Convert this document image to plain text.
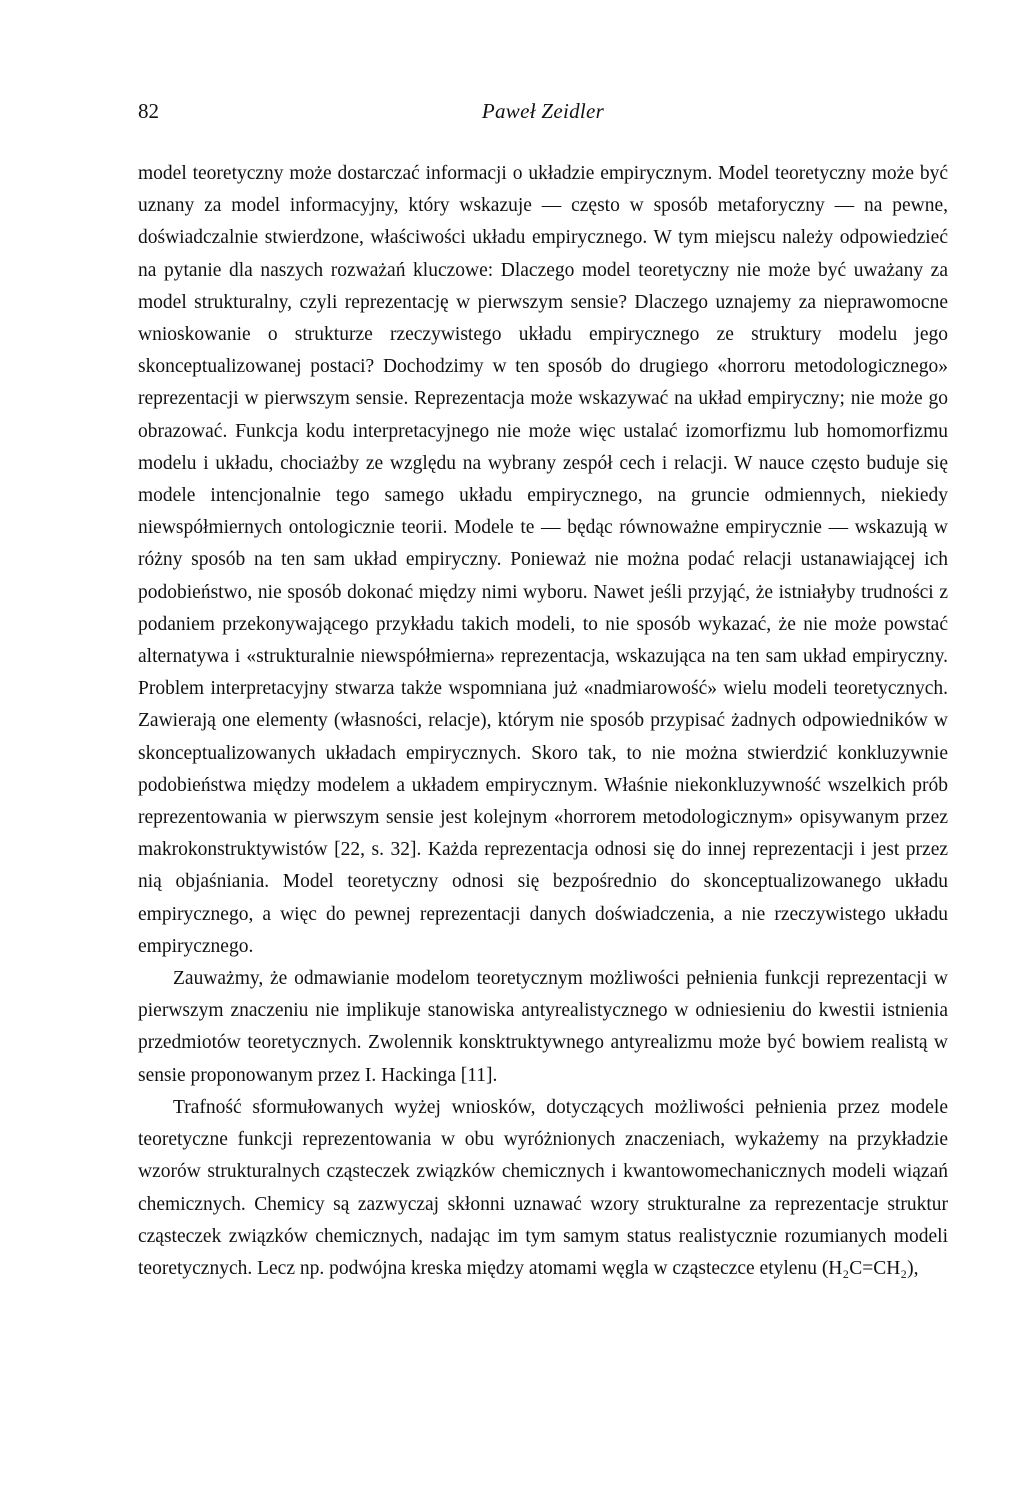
82	Paweł Zeidler

model teoretyczny może dostarczać informacji o układzie empirycznym. Model teoretyczny może być uznany za model informacyjny, który wskazuje — często w sposób metaforyczny — na pewne, doświadczalnie stwierdzone, właściwości układu empirycznego. W tym miejscu należy odpowiedzieć na pytanie dla naszych rozważań kluczowe: Dlaczego model teoretyczny nie może być uważany za model strukturalny, czyli reprezentację w pierwszym sensie? Dlaczego uznajemy za nieprawomocne wnioskowanie o strukturze rzeczywistego układu empirycznego ze struktury modelu jego skonceptualizowanej postaci? Dochodzimy w ten sposób do drugiego «horroru metodologicznego» reprezentacji w pierwszym sensie. Reprezentacja może wskazywać na układ empiryczny; nie może go obrazować. Funkcja kodu interpretacyjnego nie może więc ustalać izomorfizmu lub homomorfizmu modelu i układu, chociażby ze względu na wybrany zespół cech i relacji. W nauce często buduje się modele intencjonalnie tego samego układu empirycznego, na gruncie odmiennych, niekiedy niewspółmiernych ontologicznie teorii. Modele te — będąc równoważne empirycznie — wskazują w różny sposób na ten sam układ empiryczny. Ponieważ nie można podać relacji ustanawiającej ich podobieństwo, nie sposób dokonać między nimi wyboru. Nawet jeśli przyjąć, że istniałyby trudności z podaniem przekonywającego przykładu takich modeli, to nie sposób wykazać, że nie może powstać alternatywa i «strukturalnie niewspółmierna» reprezentacja, wskazująca na ten sam układ empiryczny. Problem interpretacyjny stwarza także wspomniana już «nadmiarowość» wielu modeli teoretycznych. Zawierają one elementy (własności, relacje), którym nie sposób przypisać żadnych odpowiedników w skonceptualizowanych układach empirycznych. Skoro tak, to nie można stwierdzić konkluzywnie podobieństwa między modelem a układem empirycznym. Właśnie niekonkluzywność wszelkich prób reprezentowania w pierwszym sensie jest kolejnym «horrorem metodologicznym» opisywanym przez makrokonstruktywistów [22, s. 32]. Każda reprezentacja odnosi się do innej reprezentacji i jest przez nią objaśniania. Model teoretyczny odnosi się bezpośrednio do skonceptualizowanego układu empirycznego, a więc do pewnej reprezentacji danych doświadczenia, a nie rzeczywistego układu empirycznego.

Zauważmy, że odmawianie modelom teoretycznym możliwości pełnienia funkcji reprezentacji w pierwszym znaczeniu nie implikuje stanowiska antyrealistycznego w odniesieniu do kwestii istnienia przedmiotów teoretycznych. Zwolennik konsktruktywnego antyrealizmu może być bowiem realistą w sensie proponowanym przez I. Hackinga [11].

Trafność sformułowanych wyżej wniosków, dotyczących możliwości pełnienia przez modele teoretyczne funkcji reprezentowania w obu wyróżnionych znaczeniach, wykażemy na przykładzie wzorów strukturalnych cząsteczek związków chemicznych i kwantowomechanicznych modeli wiązań chemicznych. Chemicy są zazwyczaj skłonni uznawać wzory strukturalne za reprezentacje struktur cząsteczek związków chemicznych, nadając im tym samym status realistycznie rozumianych modeli teoretycznych. Lecz np. podwójna kreska między atomami węgla w cząsteczce etylenu (H₂C=CH₂),
